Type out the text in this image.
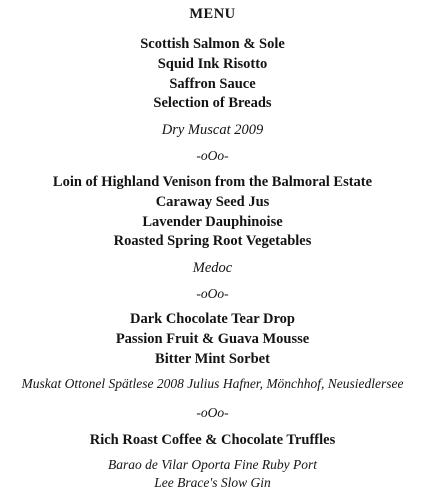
MENU
Scottish Salmon & Sole
Squid Ink Risotto
Saffron Sauce
Selection of Breads
Dry Muscat 2009
-oOo-
Loin of Highland Venison from the Balmoral Estate
Caraway Seed Jus
Lavender Dauphinoise
Roasted Spring Root Vegetables
Medoc
-oOo-
Dark Chocolate Tear Drop
Passion Fruit & Guava Mousse
Bitter Mint Sorbet
Muskat Ottonel Spätlese 2008 Julius Hafner, Mönchhof, Neusiedlersee
-oOo-
Rich Roast Coffee & Chocolate Truffles
Barao de Vilar Oporta Fine Ruby Port
Lee Brace's Slow Gin
